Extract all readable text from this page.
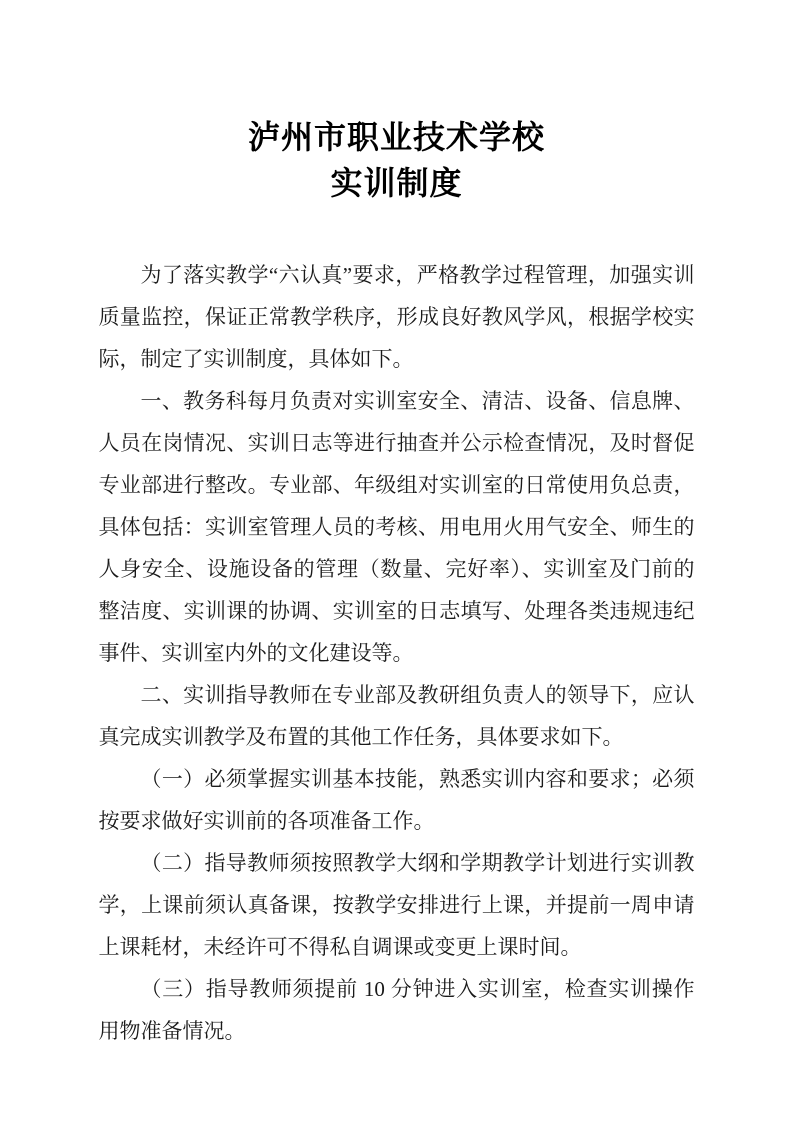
泸州市职业技术学校
实训制度

为了落实教学“六认真”要求，严格教学过程管理，加强实训质量监控，保证正常教学秩序，形成良好教风学风，根据学校实际，制定了实训制度，具体如下。

一、教务科每月负责对实训室安全、清洁、设备、信息牌、人员在岗情况、实训日志等进行抽查并公示检查情况，及时督促专业部进行整改。专业部、年级组对实训室的日常使用负总责，具体包括：实训室管理人员的考核、用电用火用气安全、师生的人身安全、设施设备的管理（数量、完好率）、实训室及门前的整洁度、实训课的协调、实训室的日志填写、处理各类违规违纪事件、实训室内外的文化建设等。

二、实训指导教师在专业部及教研组负责人的领导下，应认真完成实训教学及布置的其他工作任务，具体要求如下。

（一）必须掌握实训基本技能，熟悉实训内容和要求；必须按要求做好实训前的各项准备工作。

（二）指导教师须按照教学大纲和学期教学计划进行实训教学，上课前须认真备课，按教学安排进行上课，并提前一周申请上课耗材，未经许可不得私自调课或变更上课时间。

（三）指导教师须提前 10 分钟进入实训室，检查实训操作用物准备情况。
